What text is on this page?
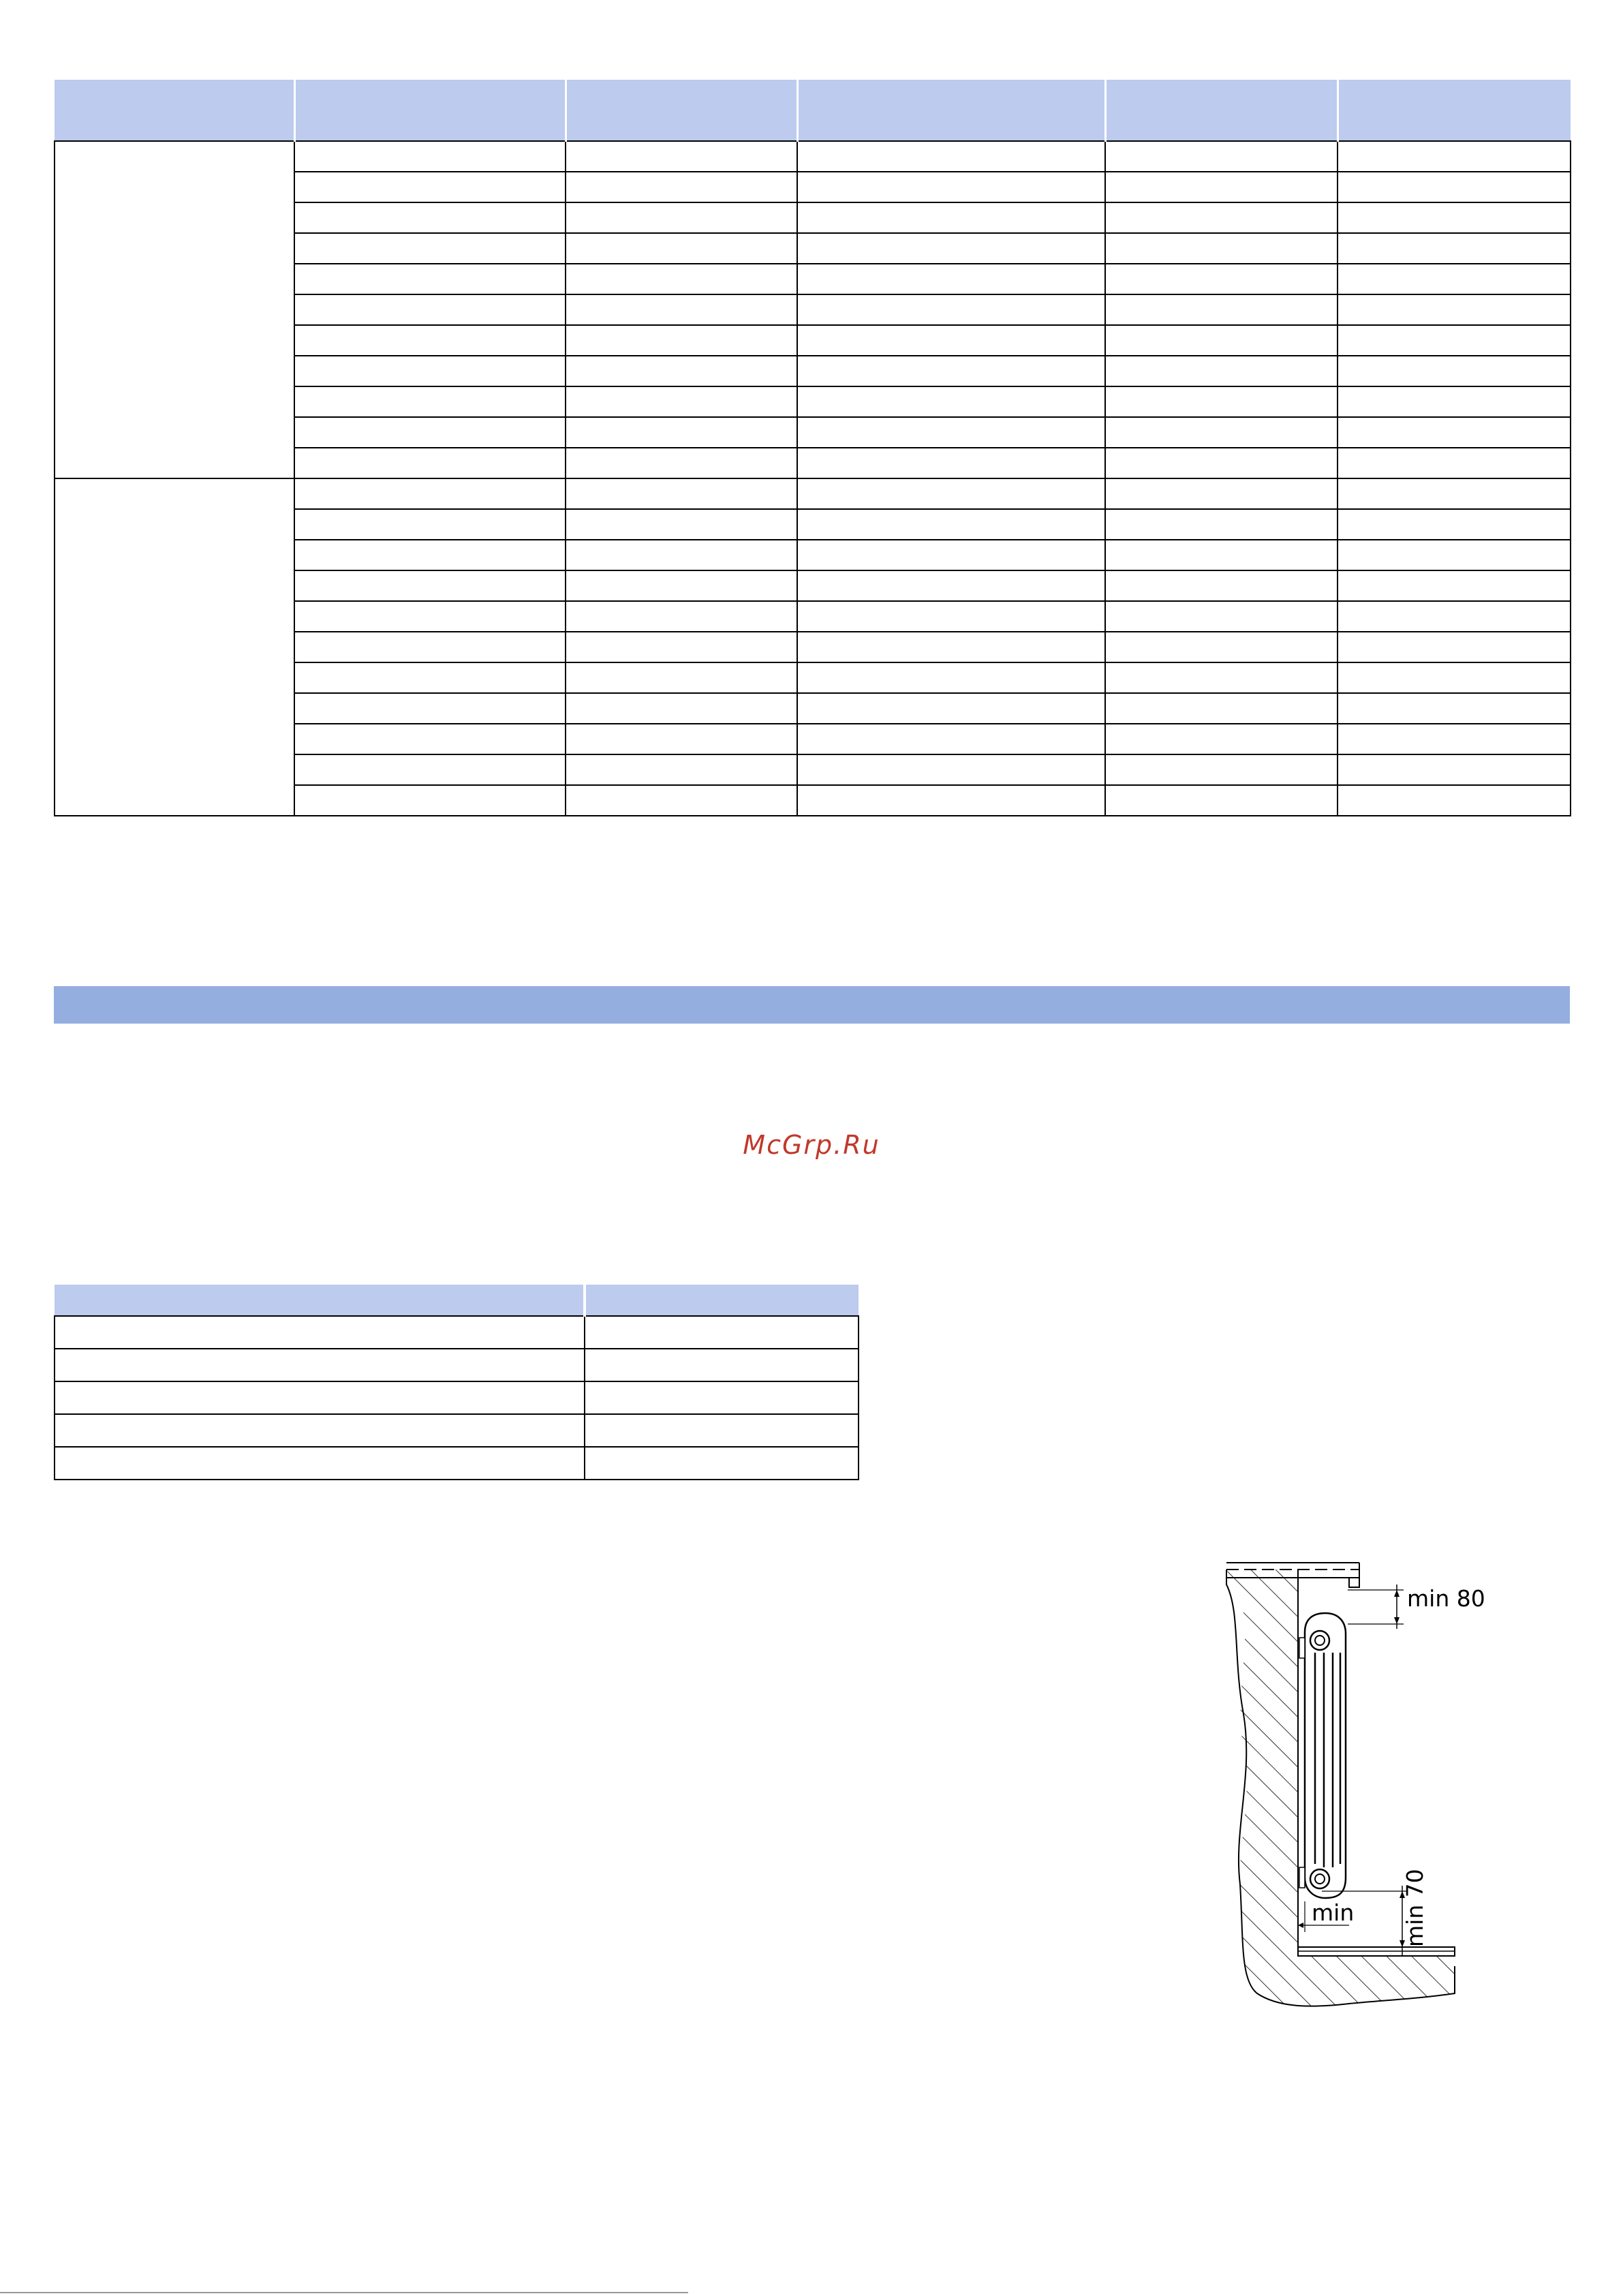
McGrp.Ru

min 80
min 70
min
